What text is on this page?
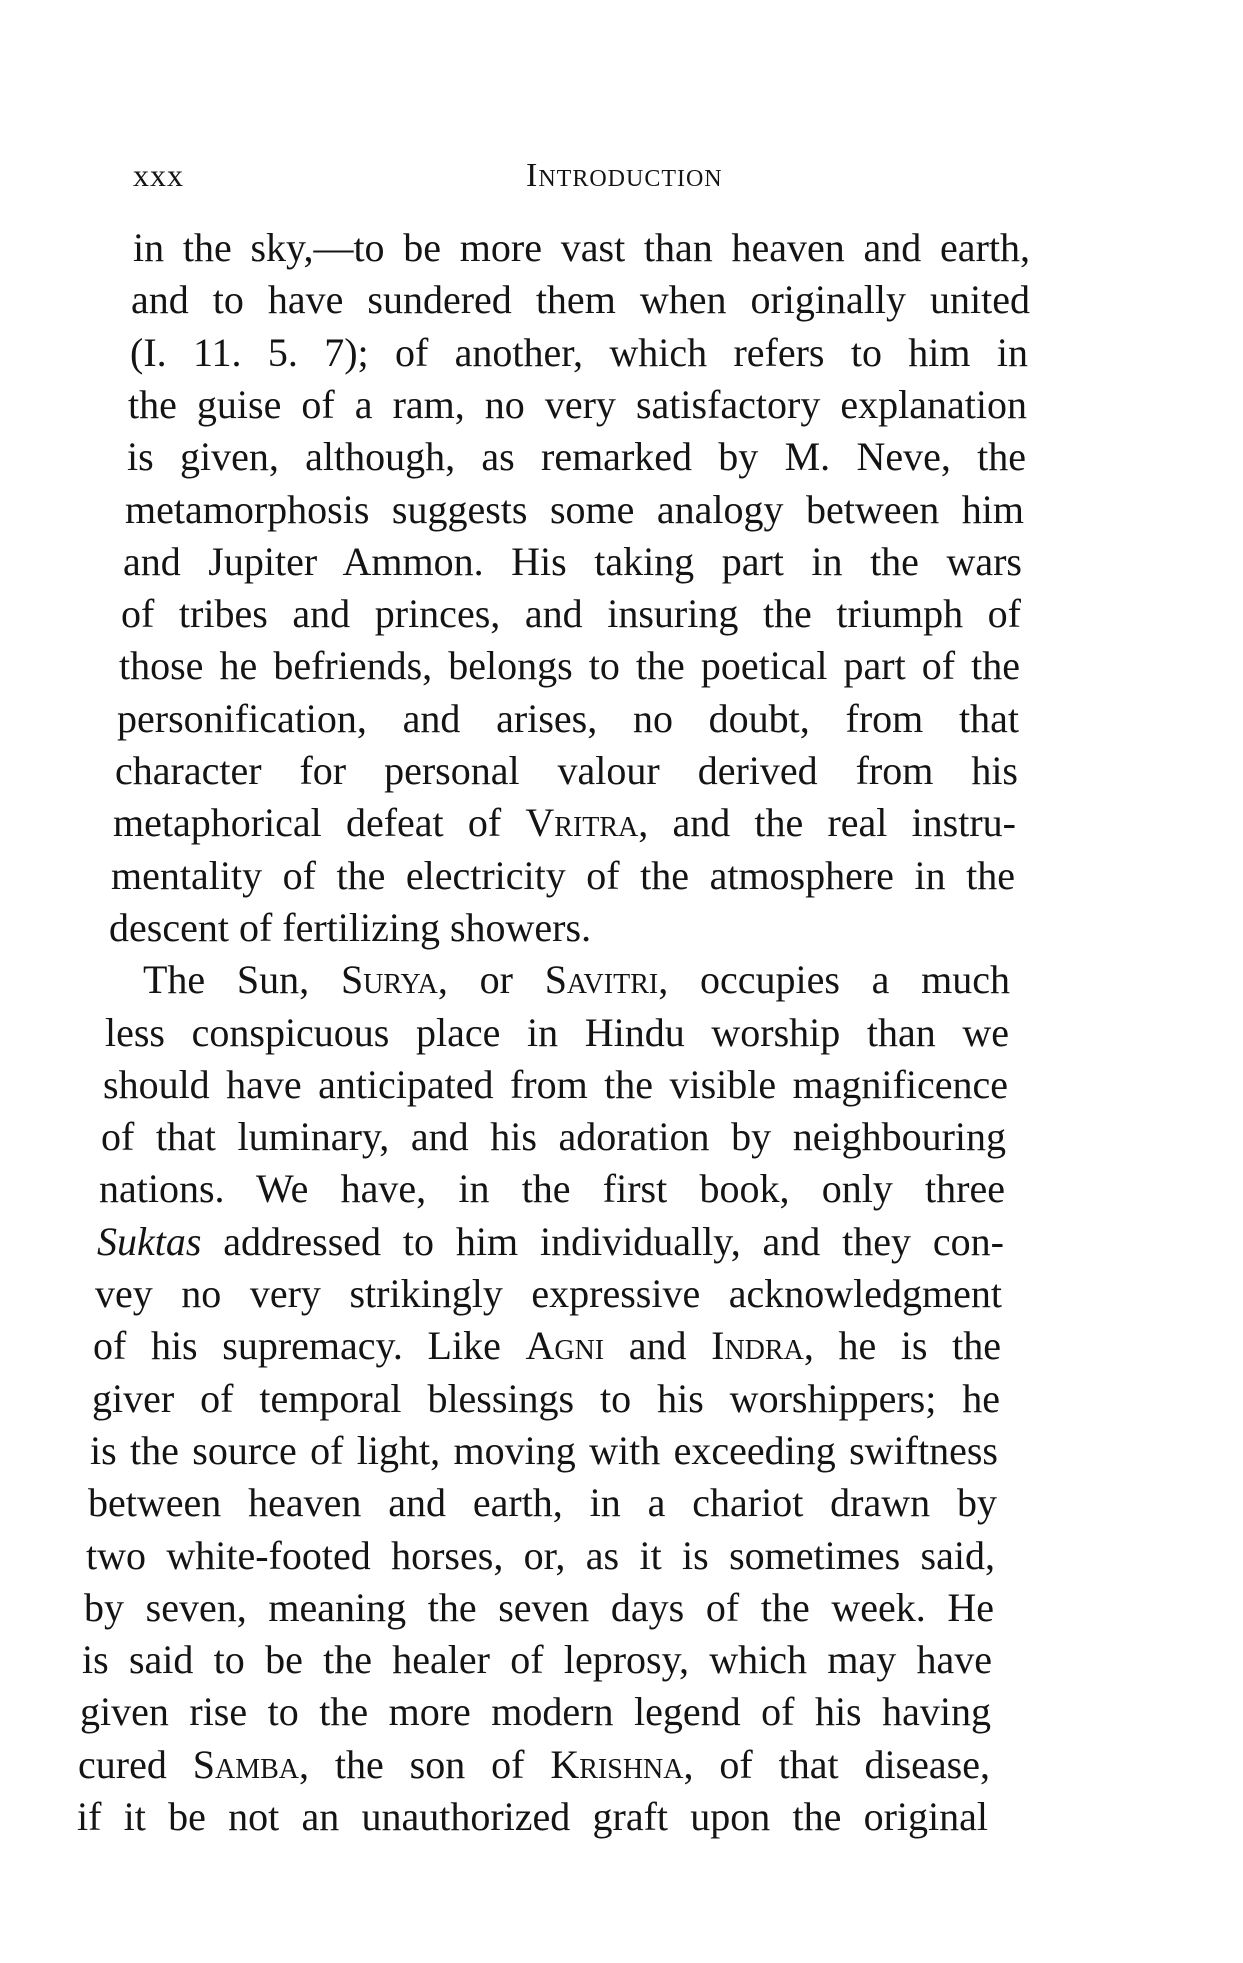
xxx	Introduction
in the sky,—to be more vast than heaven and earth,
and to have sundered them when originally united
(I. 11. 5. 7); of another, which refers to him in
the guise of a ram, no very satisfactory explanation
is given, although, as remarked by M. Neve, the
metamorphosis suggests some analogy between him
and Jupiter Ammon. His taking part in the wars
of tribes and princes, and insuring the triumph of
those he befriends, belongs to the poetical part of the
personification, and arises, no doubt, from that
character for personal valour derived from his
metaphorical defeat of Vritra, and the real instru-
mentality of the electricity of the atmosphere in the
descent of fertilizing showers.
The Sun, Surya, or Savitri, occupies a much
less conspicuous place in Hindu worship than we
should have anticipated from the visible magnificence
of that luminary, and his adoration by neighbouring
nations. We have, in the first book, only three
Suktas addressed to him individually, and they con-
vey no very strikingly expressive acknowledgment
of his supremacy. Like Agni and Indra, he is the
giver of temporal blessings to his worshippers; he
is the source of light, moving with exceeding swiftness
between heaven and earth, in a chariot drawn by
two white-footed horses, or, as it is sometimes said,
by seven, meaning the seven days of the week. He
is said to be the healer of leprosy, which may have
given rise to the more modern legend of his having
cured Samba, the son of Krishna, of that disease,
if it be not an unauthorized graft upon the original
